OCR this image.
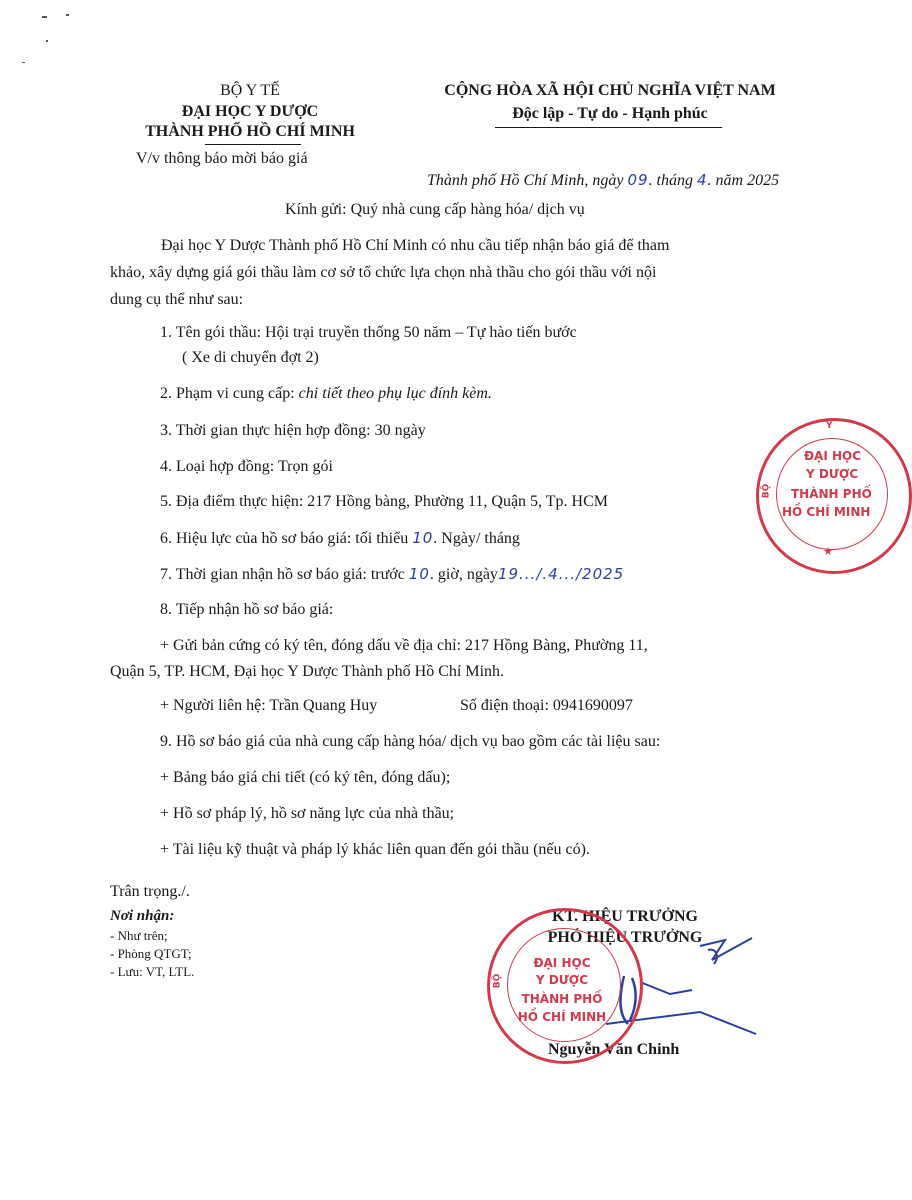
BỘ Y TẾ
ĐẠI HỌC Y DƯỢC
THÀNH PHỐ HỒ CHÍ MINH
V/v thông báo mời báo giá
CỘNG HÒA XÃ HỘI CHỦ NGHĨA VIỆT NAM
Độc lập - Tự do - Hạnh phúc
Thành phố Hồ Chí Minh, ngày 09. tháng 4. năm 2025
Kính gửi: Quý nhà cung cấp hàng hóa/ dịch vụ
Đại học Y Dược Thành phố Hồ Chí Minh có nhu cầu tiếp nhận báo giá để tham
khảo, xây dựng giá gói thầu làm cơ sở tổ chức lựa chọn nhà thầu cho gói thầu với nội
dung cụ thể như sau:
1. Tên gói thầu: Hội trại truyền thống 50 năm – Tự hào tiến bước
( Xe di chuyển đợt 2)
2. Phạm vi cung cấp: chi tiết theo phụ lục đính kèm.
3. Thời gian thực hiện hợp đồng: 30 ngày
4. Loại hợp đồng: Trọn gói
5. Địa điểm thực hiện: 217 Hồng bàng, Phường 11, Quận 5, Tp. HCM
6. Hiệu lực của hồ sơ báo giá: tối thiểu 10. Ngày/ tháng
7. Thời gian nhận hồ sơ báo giá: trước 10. giờ, ngày19.../.4.../2025
8. Tiếp nhận hồ sơ báo giá:
+ Gửi bản cứng có ký tên, đóng dấu về địa chỉ: 217 Hồng Bàng, Phường 11,
Quận 5, TP. HCM, Đại học Y Dược Thành phố Hồ Chí Minh.
+ Người liên hệ: Trần Quang Huy	Số điện thoại: 0941690097
9. Hồ sơ báo giá của nhà cung cấp hàng hóa/ dịch vụ bao gồm các tài liệu sau:
+ Bảng báo giá chi tiết (có ký tên, đóng dấu);
+ Hồ sơ pháp lý, hồ sơ năng lực của nhà thầu;
+ Tài liệu kỹ thuật và pháp lý khác liên quan đến gói thầu (nếu có).
Trân trọng./.
Nơi nhận:
- Như trên;
- Phòng QTGT;
- Lưu: VT, LTL.
KT. HIỆU TRƯỞNG
PHÓ HIỆU TRƯỞNG
Nguyễn Văn Chinh
BỘ
ĐẠI HỌC
Y DƯỢC
THÀNH PHỐ
HỒ CHÍ MINH
Y
BỘ
ĐẠI HỌC
Y DƯỢC
THÀNH PHỐ
HỒ CHÍ MINH
★
